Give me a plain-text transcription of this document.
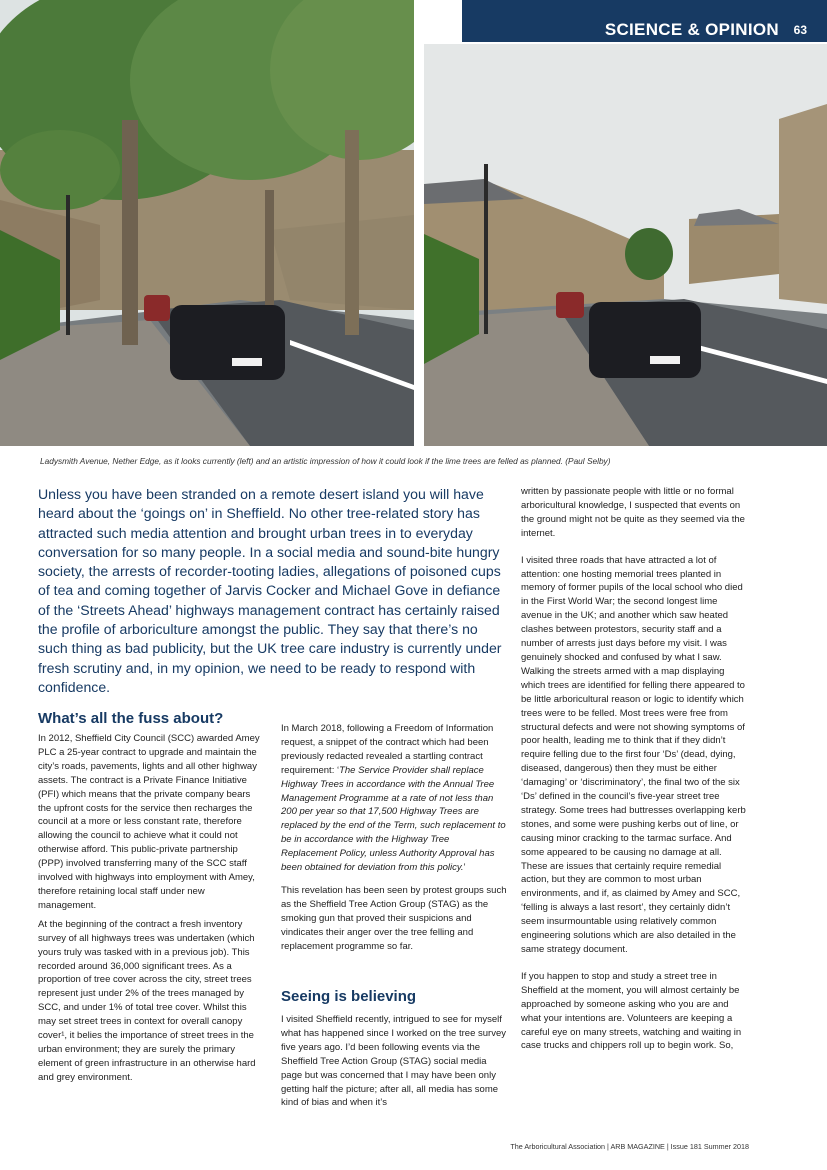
SCIENCE & OPINION 63
Ladysmith Avenue, Nether Edge, as it looks currently (left) and an artistic impression of how it could look if the lime trees are felled as planned. (Paul Selby)
Unless you have been stranded on a remote desert island you will have heard about the ‘goings on’ in Sheffield. No other tree-related story has attracted such media attention and brought urban trees in to everyday conversation for so many people. In a social media and sound-bite hungry society, the arrests of recorder-tooting ladies, allegations of poisoned cups of tea and coming together of Jarvis Cocker and Michael Gove in defiance of the ‘Streets Ahead’ highways management contract has certainly raised the profile of arboriculture amongst the public. They say that there’s no such thing as bad publicity, but the UK tree care industry is currently under fresh scrutiny and, in my opinion, we need to be ready to respond with confidence.
What’s all the fuss about?

In 2012, Sheffield City Council (SCC) awarded Amey PLC a 25-year contract to upgrade and maintain the city’s roads, pavements, lights and all other highway assets. The contract is a Private Finance Initiative (PFI) which means that the private company bears the upfront costs for the service then recharges the council at a more or less constant rate, therefore allowing the council to achieve what it could not otherwise afford. This public-private partnership (PPP) involved transferring many of the SCC staff involved with highways into employment with Amey, therefore retaining local staff under new management.

At the beginning of the contract a fresh inventory survey of all highways trees was undertaken (which yours truly was tasked with in a previous job). This recorded around 36,000 significant trees. As a proportion of tree cover across the city, street trees represent just under 2% of the trees managed by SCC, and under 1% of total tree cover. Whilst this may set street trees in context for overall canopy cover¹, it belies the importance of street trees in the urban environment; they are surely the primary element of green infrastructure in an otherwise hard and grey environment.

In March 2018, following a Freedom of Information request, a snippet of the contract which had been previously redacted revealed a startling contract requirement: ‘The Service Provider shall replace Highway Trees in accordance with the Annual Tree Management Programme at a rate of not less than 200 per year so that 17,500 Highway Trees are replaced by the end of the Term, such replacement to be in accordance with the Highway Tree Replacement Policy, unless Authority Approval has been obtained for deviation from this policy.’

This revelation has been seen by protest groups such as the Sheffield Tree Action Group (STAG) as the smoking gun that proved their suspicions and vindicates their anger over the tree felling and replacement programme so far.

Seeing is believing

I visited Sheffield recently, intrigued to see for myself what has happened since I worked on the tree survey five years ago. I’d been following events via the Sheffield Tree Action Group (STAG) social media page but was concerned that I may have been only getting half the picture; after all, all media has some kind of bias and when it’s

written by passionate people with little or no formal arboricultural knowledge, I suspected that events on the ground might not be quite as they seemed via the internet.

I visited three roads that have attracted a lot of attention: one hosting memorial trees planted in memory of former pupils of the local school who died in the First World War; the second longest lime avenue in the UK; and another which saw heated clashes between protestors, security staff and a number of arrests just days before my visit. I was genuinely shocked and confused by what I saw. Walking the streets armed with a map displaying which trees are identified for felling there appeared to be little arboricultural reason or logic to identify which trees were to be felled. Most trees were free from structural defects and were not showing symptoms of poor health, leading me to think that if they didn’t require felling due to the first four ‘Ds’ (dead, dying, diseased, dangerous) then they must be either ‘damaging’ or ‘discriminatory’, the final two of the six ‘Ds’ defined in the council’s five-year street tree strategy. Some trees had buttresses overlapping kerb stones, and some were pushing kerbs out of line, or causing minor cracking to the tarmac surface. And some appeared to be causing no damage at all. These are issues that certainly require remedial action, but they are common to most urban environments, and if, as claimed by Amey and SCC, ‘felling is always a last resort’, they certainly didn’t seem insurmountable using relatively common engineering solutions which are also detailed in the same strategy document.

If you happen to stop and study a street tree in Sheffield at the moment, you will almost certainly be approached by someone asking who you are and what your intentions are. Volunteers are keeping a careful eye on many streets, watching and waiting in case trucks and chippers roll up to begin work. So,

The Arboricultural Association | ARB MAGAZINE | Issue 181 Summer 2018
